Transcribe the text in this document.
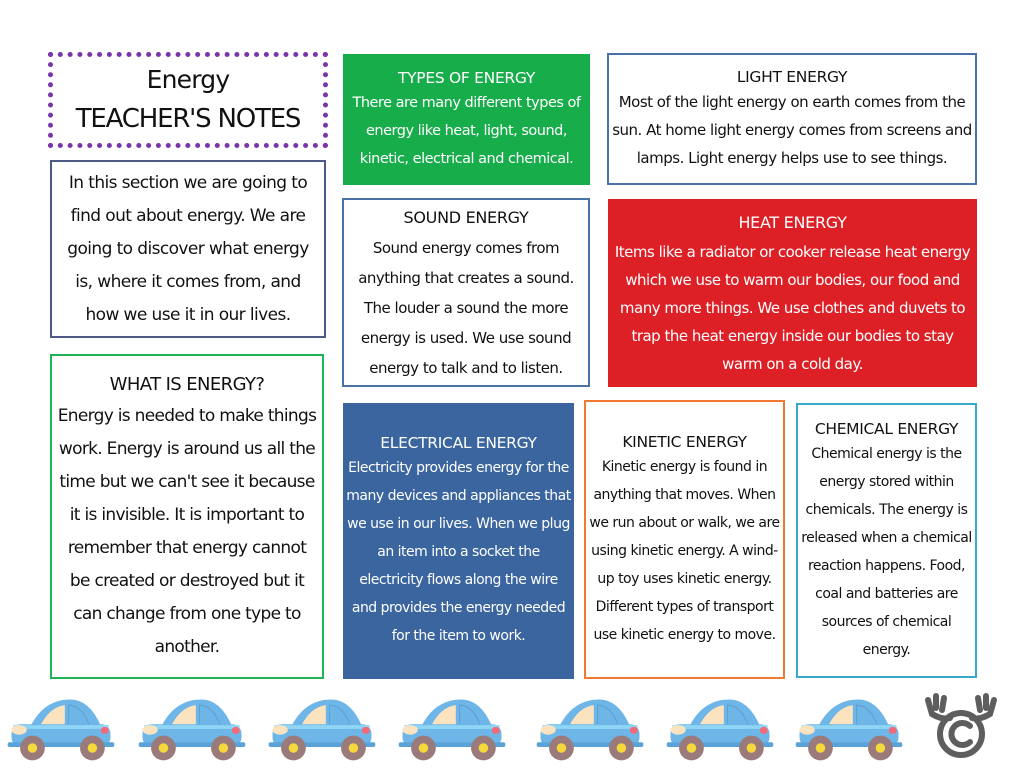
Energy
TEACHER'S NOTES
In this section we are going to find out about energy. We are going to discover what energy is, where it comes from, and how we use it in our lives.
WHAT IS ENERGY?
Energy is needed to make things work. Energy is around us all the time but we can't see it because it is invisible. It is important to remember that energy cannot be created or destroyed but it can change from one type to another.
TYPES OF ENERGY
There are many different types of energy like heat, light, sound, kinetic, electrical and chemical.
LIGHT ENERGY
Most of the light energy on earth comes from the sun. At home light energy comes from screens and lamps. Light energy helps use to see things.
SOUND ENERGY
Sound energy comes from anything that creates a sound. The louder a sound the more energy is used. We use sound energy to talk and to listen.
HEAT ENERGY
Items like a radiator or cooker release heat energy which we use to warm our bodies, our food and many more things. We use clothes and duvets to trap the heat energy inside our bodies to stay warm on a cold day.
ELECTRICAL ENERGY
Electricity provides energy for the many devices and appliances that we use in our lives. When we plug an item into a socket the electricity flows along the wire and provides the energy needed for the item to work.
KINETIC ENERGY
Kinetic energy is found in anything that moves. When we run about or walk, we are using kinetic energy. A wind-up toy uses kinetic energy. Different types of transport use kinetic energy to move.
CHEMICAL ENERGY
Chemical energy is the energy stored within chemicals. The energy is released when a chemical reaction happens. Food, coal and batteries are sources of chemical energy.
